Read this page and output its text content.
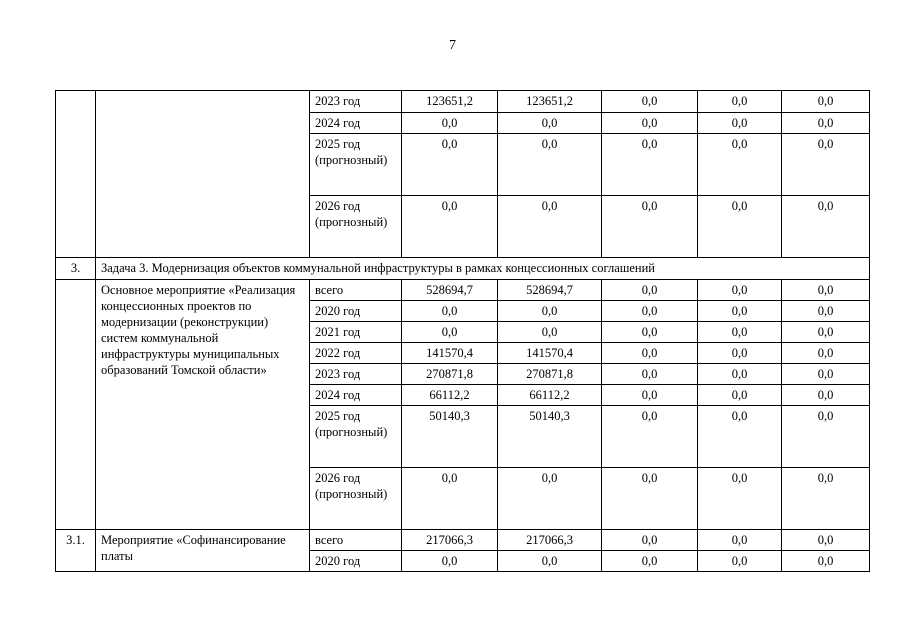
7
		2023 год	123651,2	123651,2	0,0	0,0	0,0
		2024 год	0,0	0,0	0,0	0,0	0,0
		2025 год (прогнозный)	0,0	0,0	0,0	0,0	0,0
		2026 год (прогнозный)	0,0	0,0	0,0	0,0	0,0
3.	Задача 3. Модернизация объектов коммунальной инфраструктуры в рамках концессионных соглашений						
	Основное мероприятие «Реализация концессионных проектов по модернизации (реконструкции) систем коммунальной инфраструктуры муниципальных образований Томской области»	всего	528694,7	528694,7	0,0	0,0	0,0
		2020 год	0,0	0,0	0,0	0,0	0,0
		2021 год	0,0	0,0	0,0	0,0	0,0
		2022 год	141570,4	141570,4	0,0	0,0	0,0
		2023 год	270871,8	270871,8	0,0	0,0	0,0
		2024 год	66112,2	66112,2	0,0	0,0	0,0
		2025 год (прогнозный)	50140,3	50140,3	0,0	0,0	0,0
		2026 год (прогнозный)	0,0	0,0	0,0	0,0	0,0
3.1.	Мероприятие «Софинансирование платы	всего	217066,3	217066,3	0,0	0,0	0,0
		2020 год	0,0	0,0	0,0	0,0	0,0
